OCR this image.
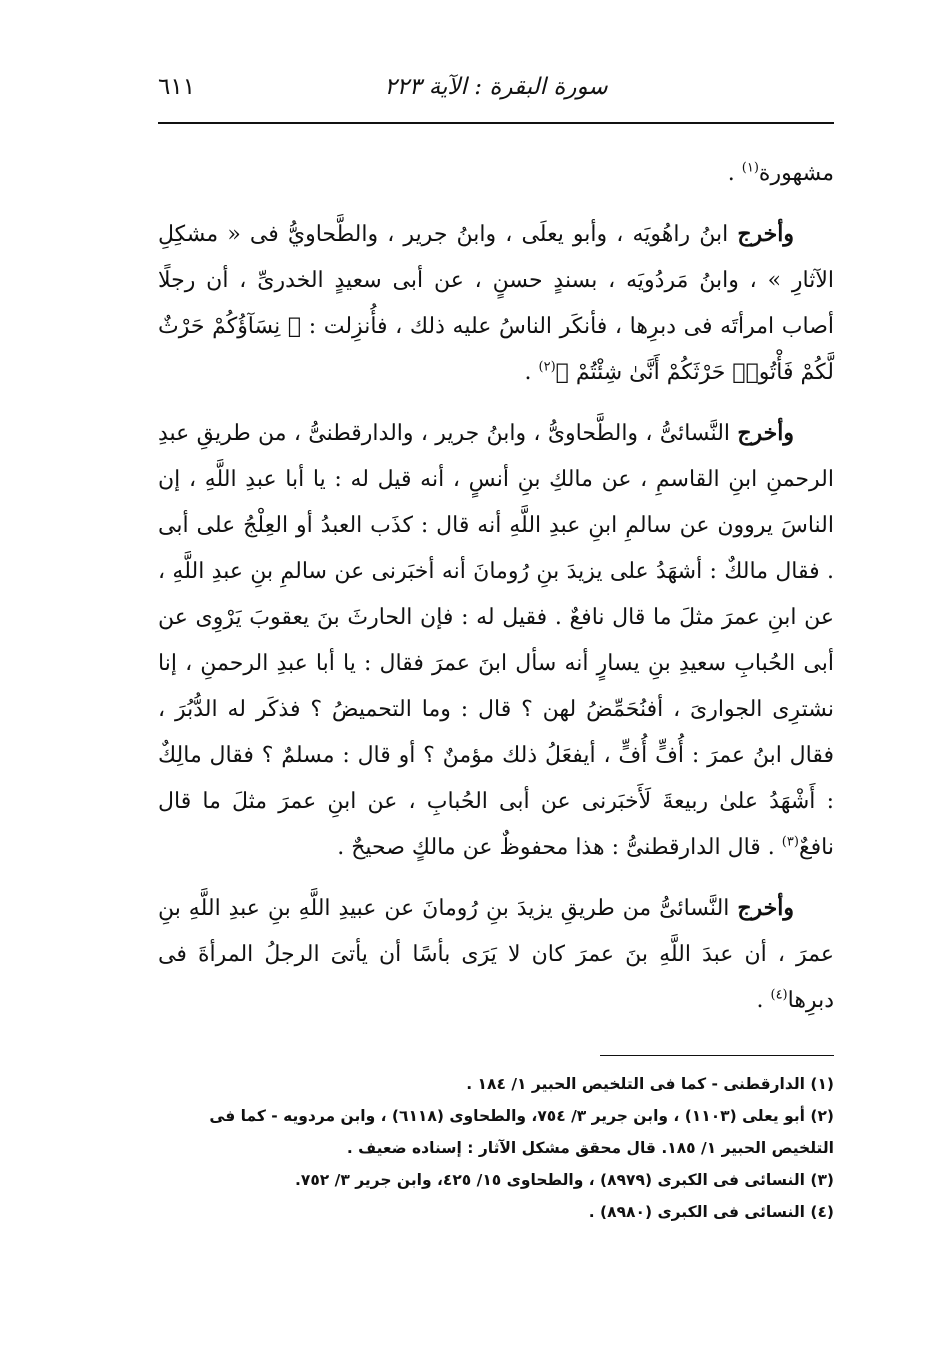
سورة البقرة : الآية ٢٢٣
٦١١

مشهورة$^{(١)}$ .

وأخرج ابنُ راهُويَه ، وأبو يعلَى ، وابنُ جرير ، والطَّحاويُّ فى « مشكِلِ الآثارِ » ، وابنُ مَردُويَه ، بسندٍ حسنٍ ، عن أبى سعيدٍ الخدرىِّ ، أن رجلًا أصاب امرأتَه فى دبرِها ، فأنكَر الناسُ عليه ذلك ، فأُنزِلت : ﴿ نِسَآؤُكُمْ حَرْثٌ لَّكُمْ فَأْتُوا۟ حَرْثَكُمْ أَنَّىٰ شِئْتُمْ ﴾$^{(٢)}$ .

وأخرج النَّسائىُّ ، والطَّحاوىُّ ، وابنُ جرير ، والدارقطنىُّ ، من طريقِ عبدِ الرحمنِ ابنِ القاسمِ ، عن مالكِ بنِ أنسٍ ، أنه قيل له : يا أبا عبدِ اللَّهِ ، إن الناسَ يروون عن سالمِ ابنِ عبدِ اللَّهِ أنه قال : كذَب العبدُ أو العِلْجُ على أبى . فقال مالكٌ : أشهَدُ على يزيدَ بنِ رُومانَ أنه أخبَرنى عن سالمِ بنِ عبدِ اللَّهِ ، عن ابنِ عمرَ مثلَ ما قال نافعٌ . فقيل له : فإن الحارثَ بنَ يعقوبَ يَرْوِى عن أبى الحُبابِ سعيدِ بنِ يسارٍ أنه سأل ابنَ عمرَ فقال : يا أبا عبدِ الرحمنِ ، إنا نشترِى الجوارىَ ، أفنُحَمِّضُ لهن ؟ قال : وما التحميضُ ؟ فذكَر له الدُّبُرَ ، فقال ابنُ عمرَ : أُفٍّ أُفٍّ ، أيفعَلُ ذلك مؤمنٌ ؟ أو قال : مسلمٌ ؟ فقال مالِكٌ : أَشْهَدُ علىٰ ربيعةَ لَأَخبَرنى عن أبى الحُبابِ ، عن ابنِ عمرَ مثلَ ما قال نافعٌ$^{(٣)}$ . قال الدارقطنىُّ : هذا محفوظٌ عن مالكٍ صحيحٌ .

وأخرج النَّسائىُّ من طريقِ يزيدَ بنِ رُومانَ عن عبيدِ اللَّهِ بنِ عبدِ اللَّهِ بنِ عمرَ ، أن عبدَ اللَّهِ بنَ عمرَ كان لا يَرَى بأسًا أن يأتىَ الرجلُ المرأةَ فى دبرِها$^{(٤)}$ .

(١) الدارقطنى - كما فى التلخيص الحبير ١/ ١٨٤ .
(٢) أبو يعلى (١١٠٣) ، وابن جرير ٣/ ٧٥٤، والطحاوى (٦١١٨) ، وابن مردويه - كما فى التلخيص الحبير ١/ ١٨٥. قال محقق مشكل الآثار : إسناده ضعيف .
(٣) النسائى فى الكبرى (٨٩٧٩) ، والطحاوى ١٥/ ٤٢٥، وابن جرير ٣/ ٧٥٢.
(٤) النسائى فى الكبرى (٨٩٨٠) .
